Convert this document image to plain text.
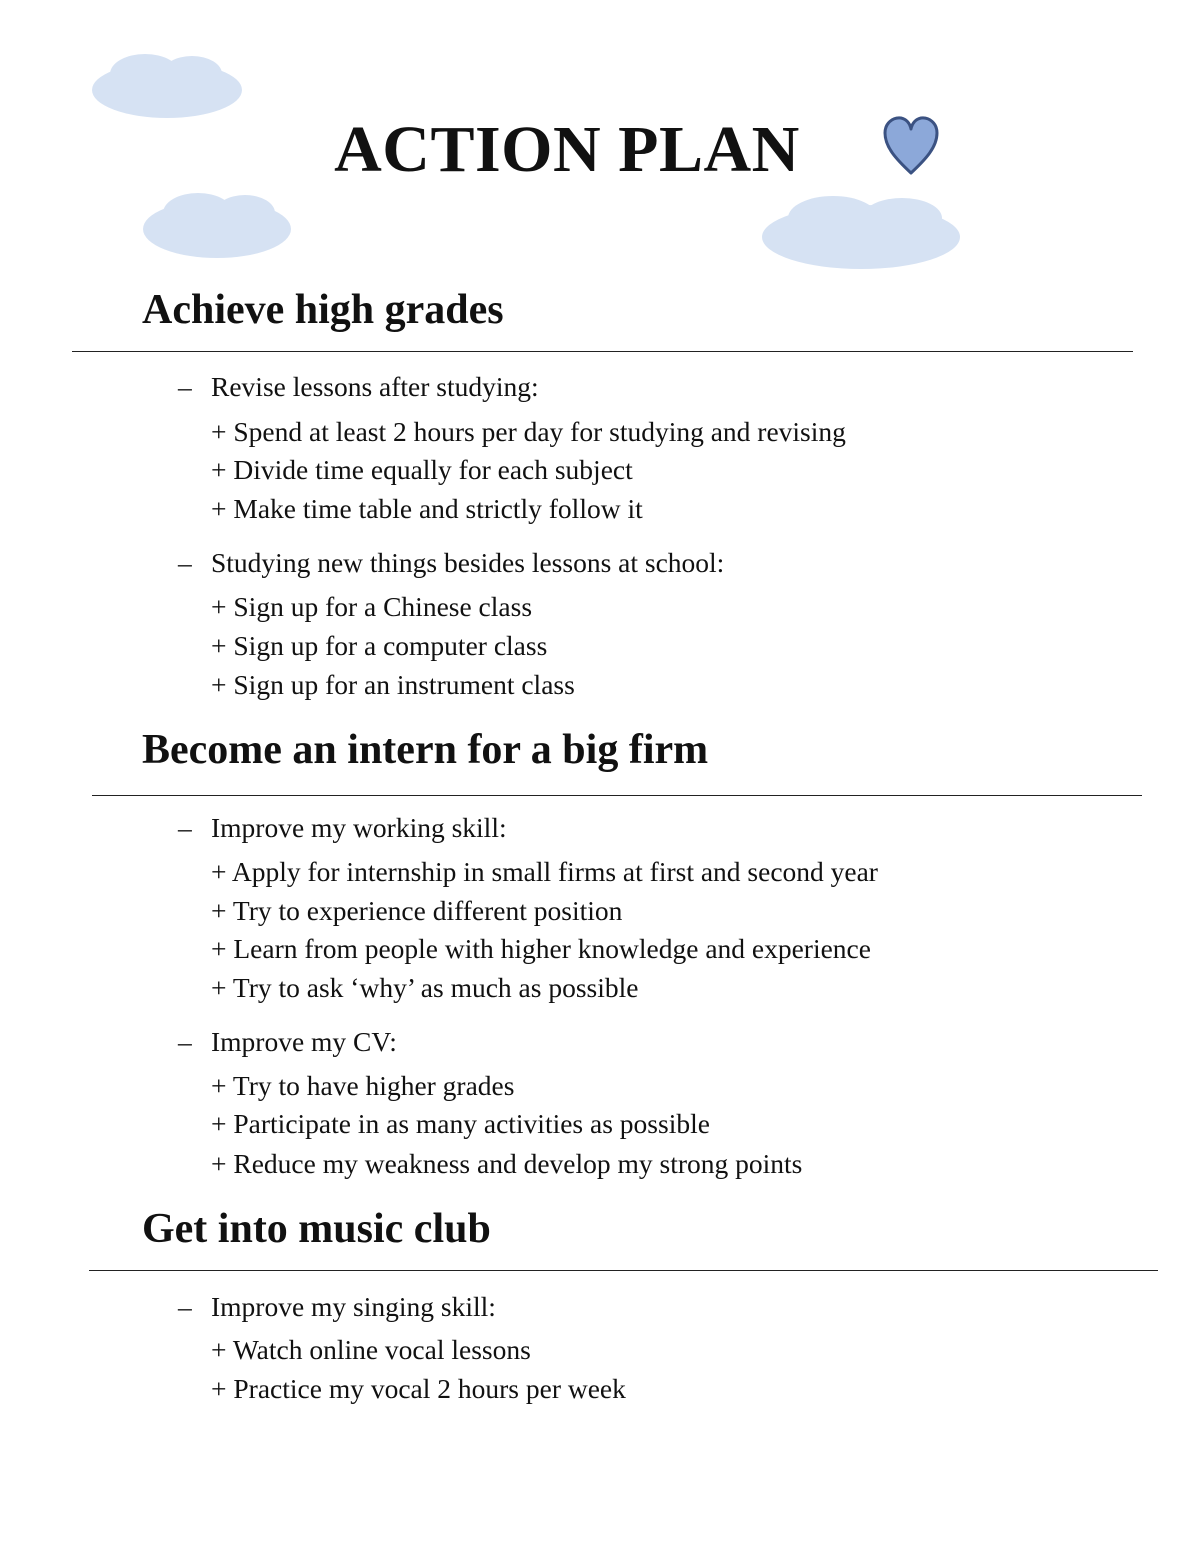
ACTION PLAN
Achieve high grades
– Revise lessons after studying:
+ Spend at least 2 hours per day for studying and revising
+ Divide time equally for each subject
+ Make time table and strictly follow it
– Studying new things besides lessons at school:
+ Sign up for a Chinese class
+ Sign up for a computer class
+ Sign up for an instrument class
Become an intern for a big firm
– Improve my working skill:
+ Apply for internship in small firms at first and second year
+ Try to experience different position
+ Learn from people with higher knowledge and experience
+ Try to ask ‘why’ as much as possible
– Improve my CV:
+ Try to have higher grades
+ Participate in as many activities as possible
+ Reduce my weakness and develop my strong points
Get into music club
– Improve my singing skill:
+ Watch online vocal lessons
+ Practice my vocal 2 hours per week
